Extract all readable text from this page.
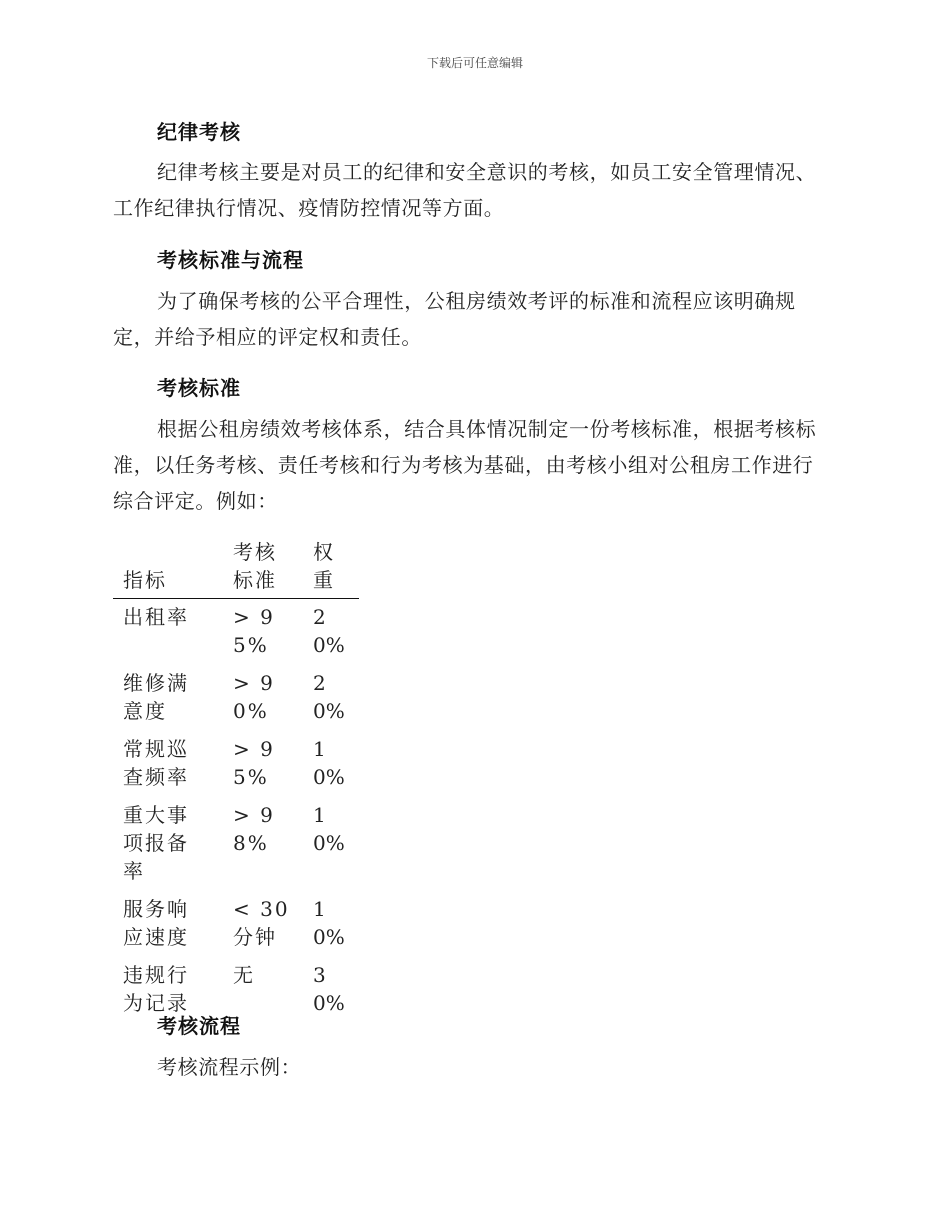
下载后可任意编辑
纪律考核
纪律考核主要是对员工的纪律和安全意识的考核，如员工安全管理情况、工作纪律执行情况、疫情防控情况等方面。
考核标准与流程
为了确保考核的公平合理性，公租房绩效考评的标准和流程应该明确规定，并给予相应的评定权和责任。
考核标准
根据公租房绩效考核体系，结合具体情况制定一份考核标准，根据考核标准，以任务考核、责任考核和行为考核为基础，由考核小组对公租房工作进行综合评定。例如：
指标	考核标准	权重

出租率	> 95%	20%

维修满意度	> 90%	20%

常规巡查频率	> 95%	10%

重大事项报备率	> 98%	10%

服务响应速度	< 30 分钟	10%

违规行为记录	无	30%
考核流程
考核流程示例：
